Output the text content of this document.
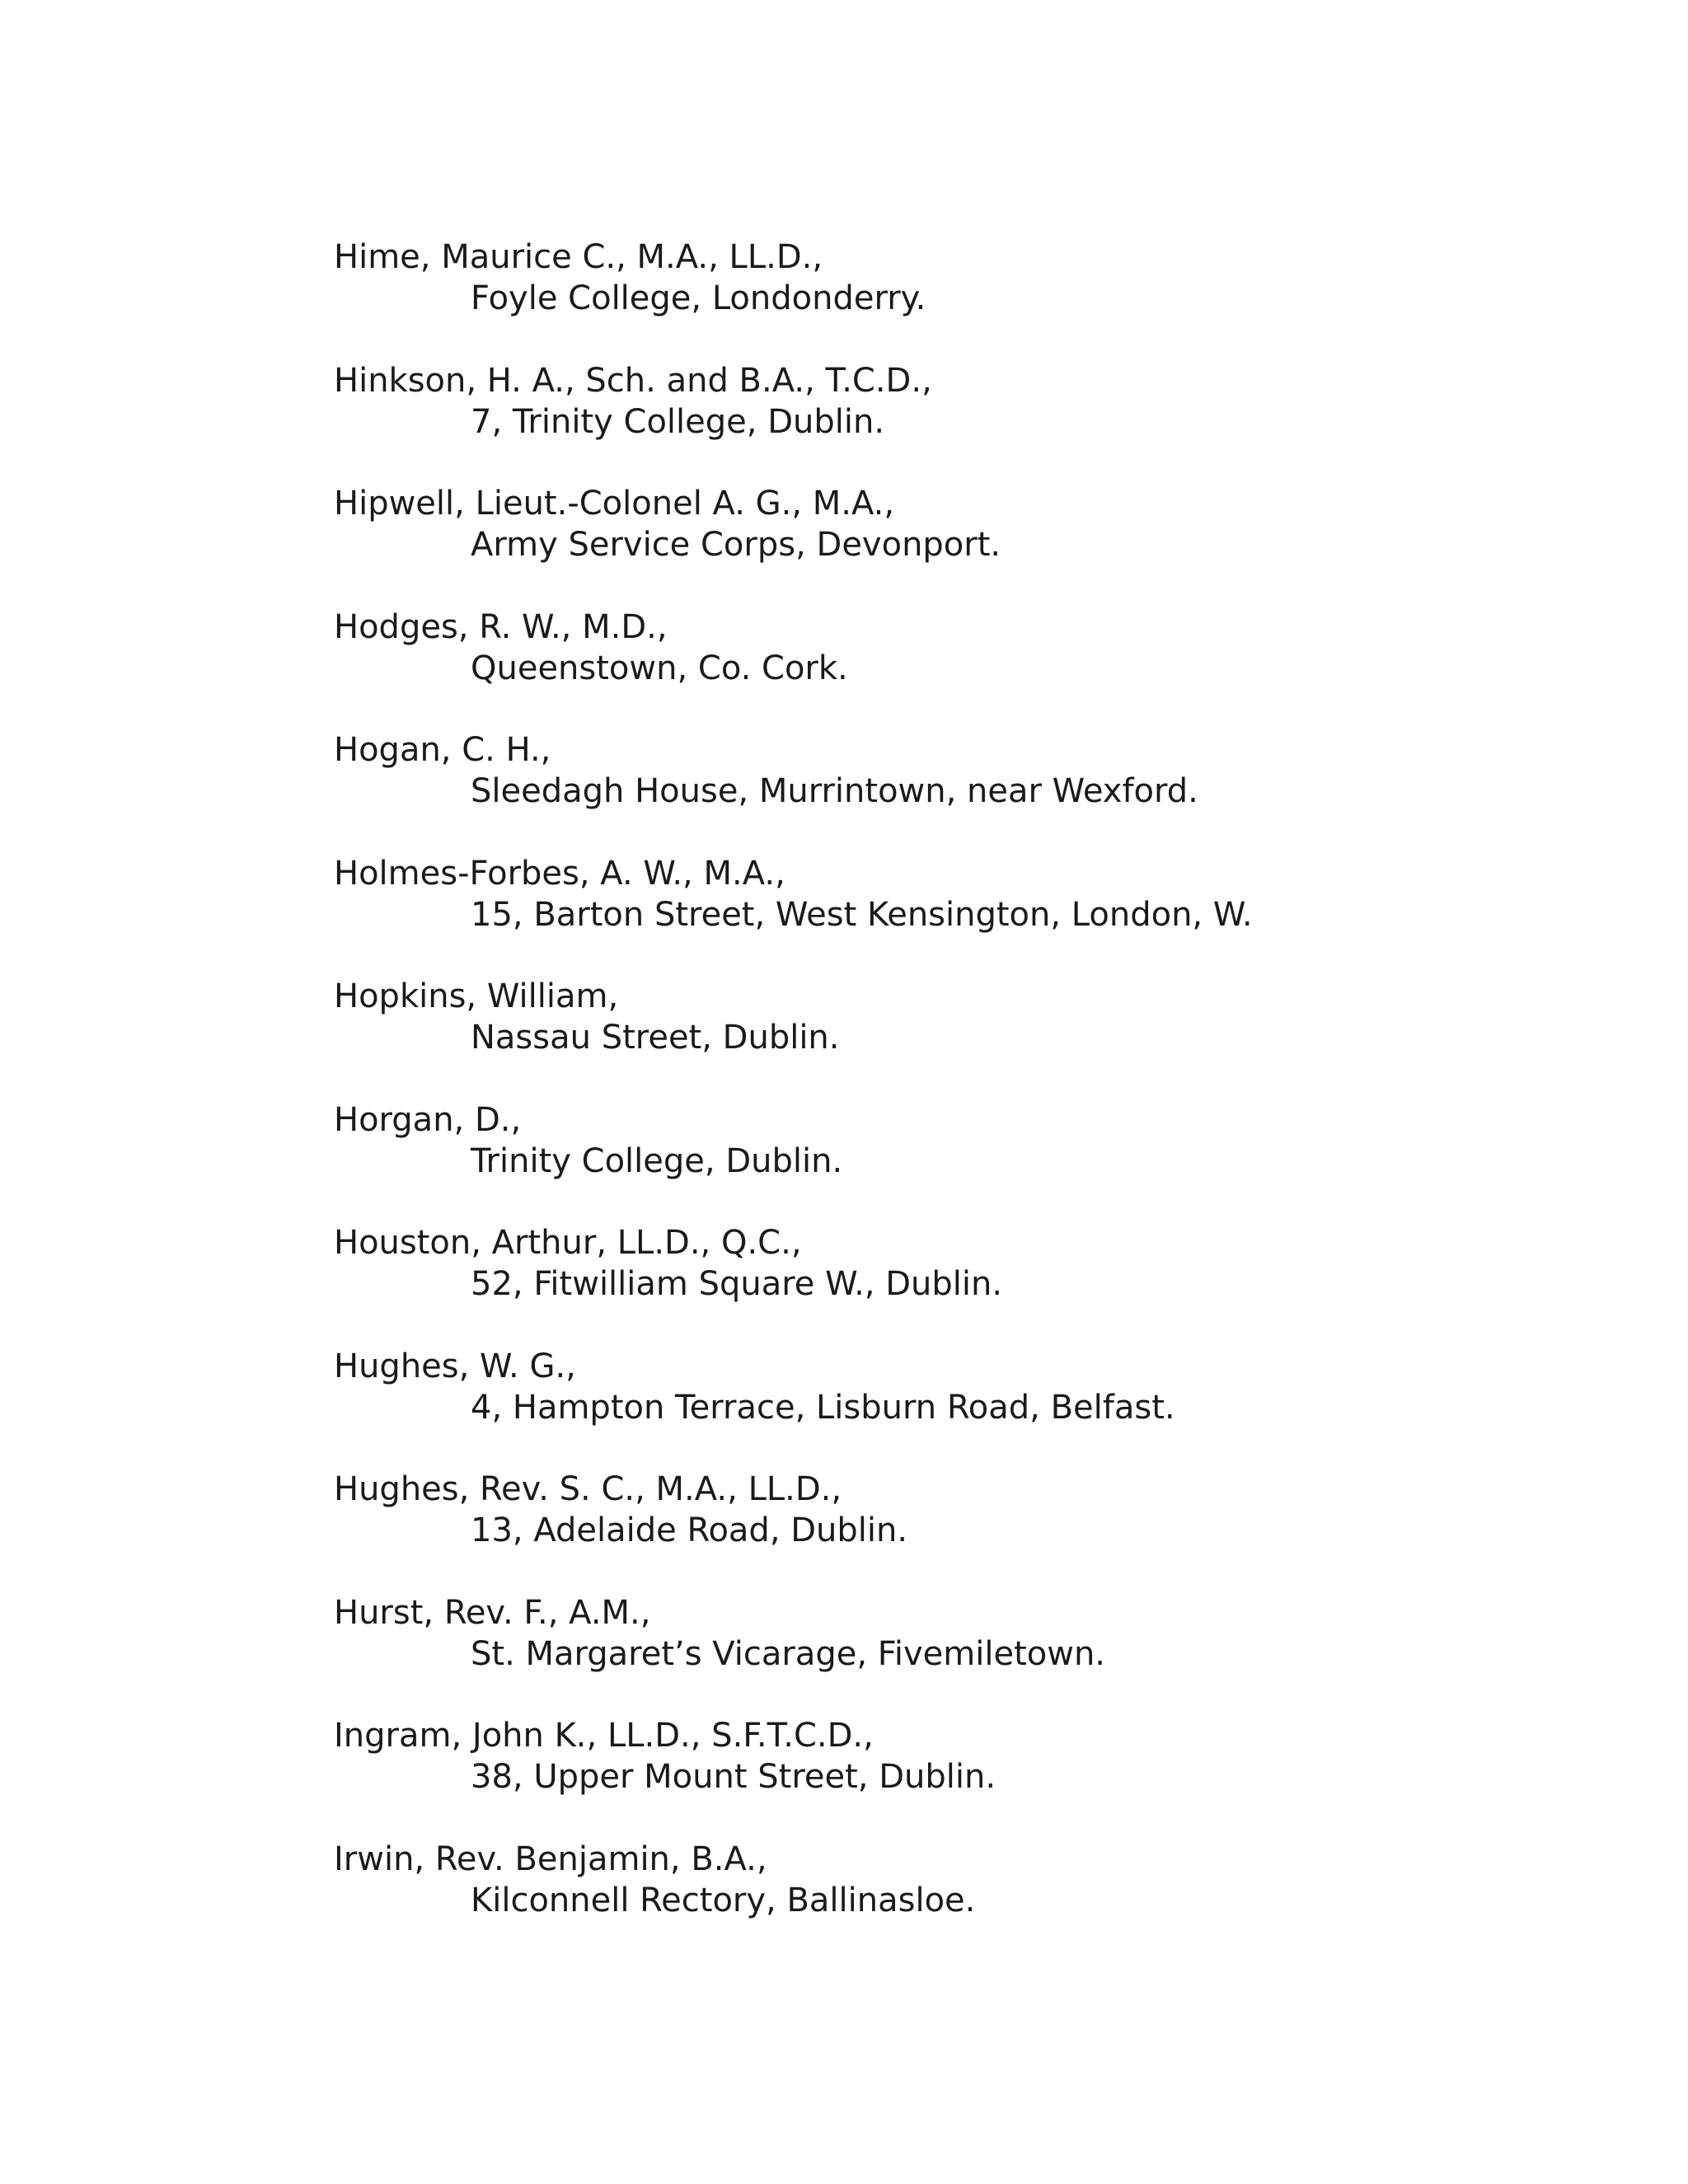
Hime, Maurice C., M.A., LL.D.,
Foyle College, Londonderry.
Hinkson, H. A., Sch. and B.A., T.C.D.,
7, Trinity College, Dublin.
Hipwell, Lieut.-Colonel A. G., M.A.,
Army Service Corps, Devonport.
Hodges, R. W., M.D.,
Queenstown, Co. Cork.
Hogan, C. H.,
Sleedagh House, Murrintown, near Wexford.
Holmes-Forbes, A. W., M.A.,
15, Barton Street, West Kensington, London, W.
Hopkins, William,
Nassau Street, Dublin.
Horgan, D.,
Trinity College, Dublin.
Houston, Arthur, LL.D., Q.C.,
52, Fitwilliam Square W., Dublin.
Hughes, W. G.,
4, Hampton Terrace, Lisburn Road, Belfast.
Hughes, Rev. S. C., M.A., LL.D.,
13, Adelaide Road, Dublin.
Hurst, Rev. F., A.M.,
St. Margaret’s Vicarage, Fivemiletown.
Ingram, John K., LL.D., S.F.T.C.D.,
38, Upper Mount Street, Dublin.
Irwin, Rev. Benjamin, B.A.,
Kilconnell Rectory, Ballinasloe.
